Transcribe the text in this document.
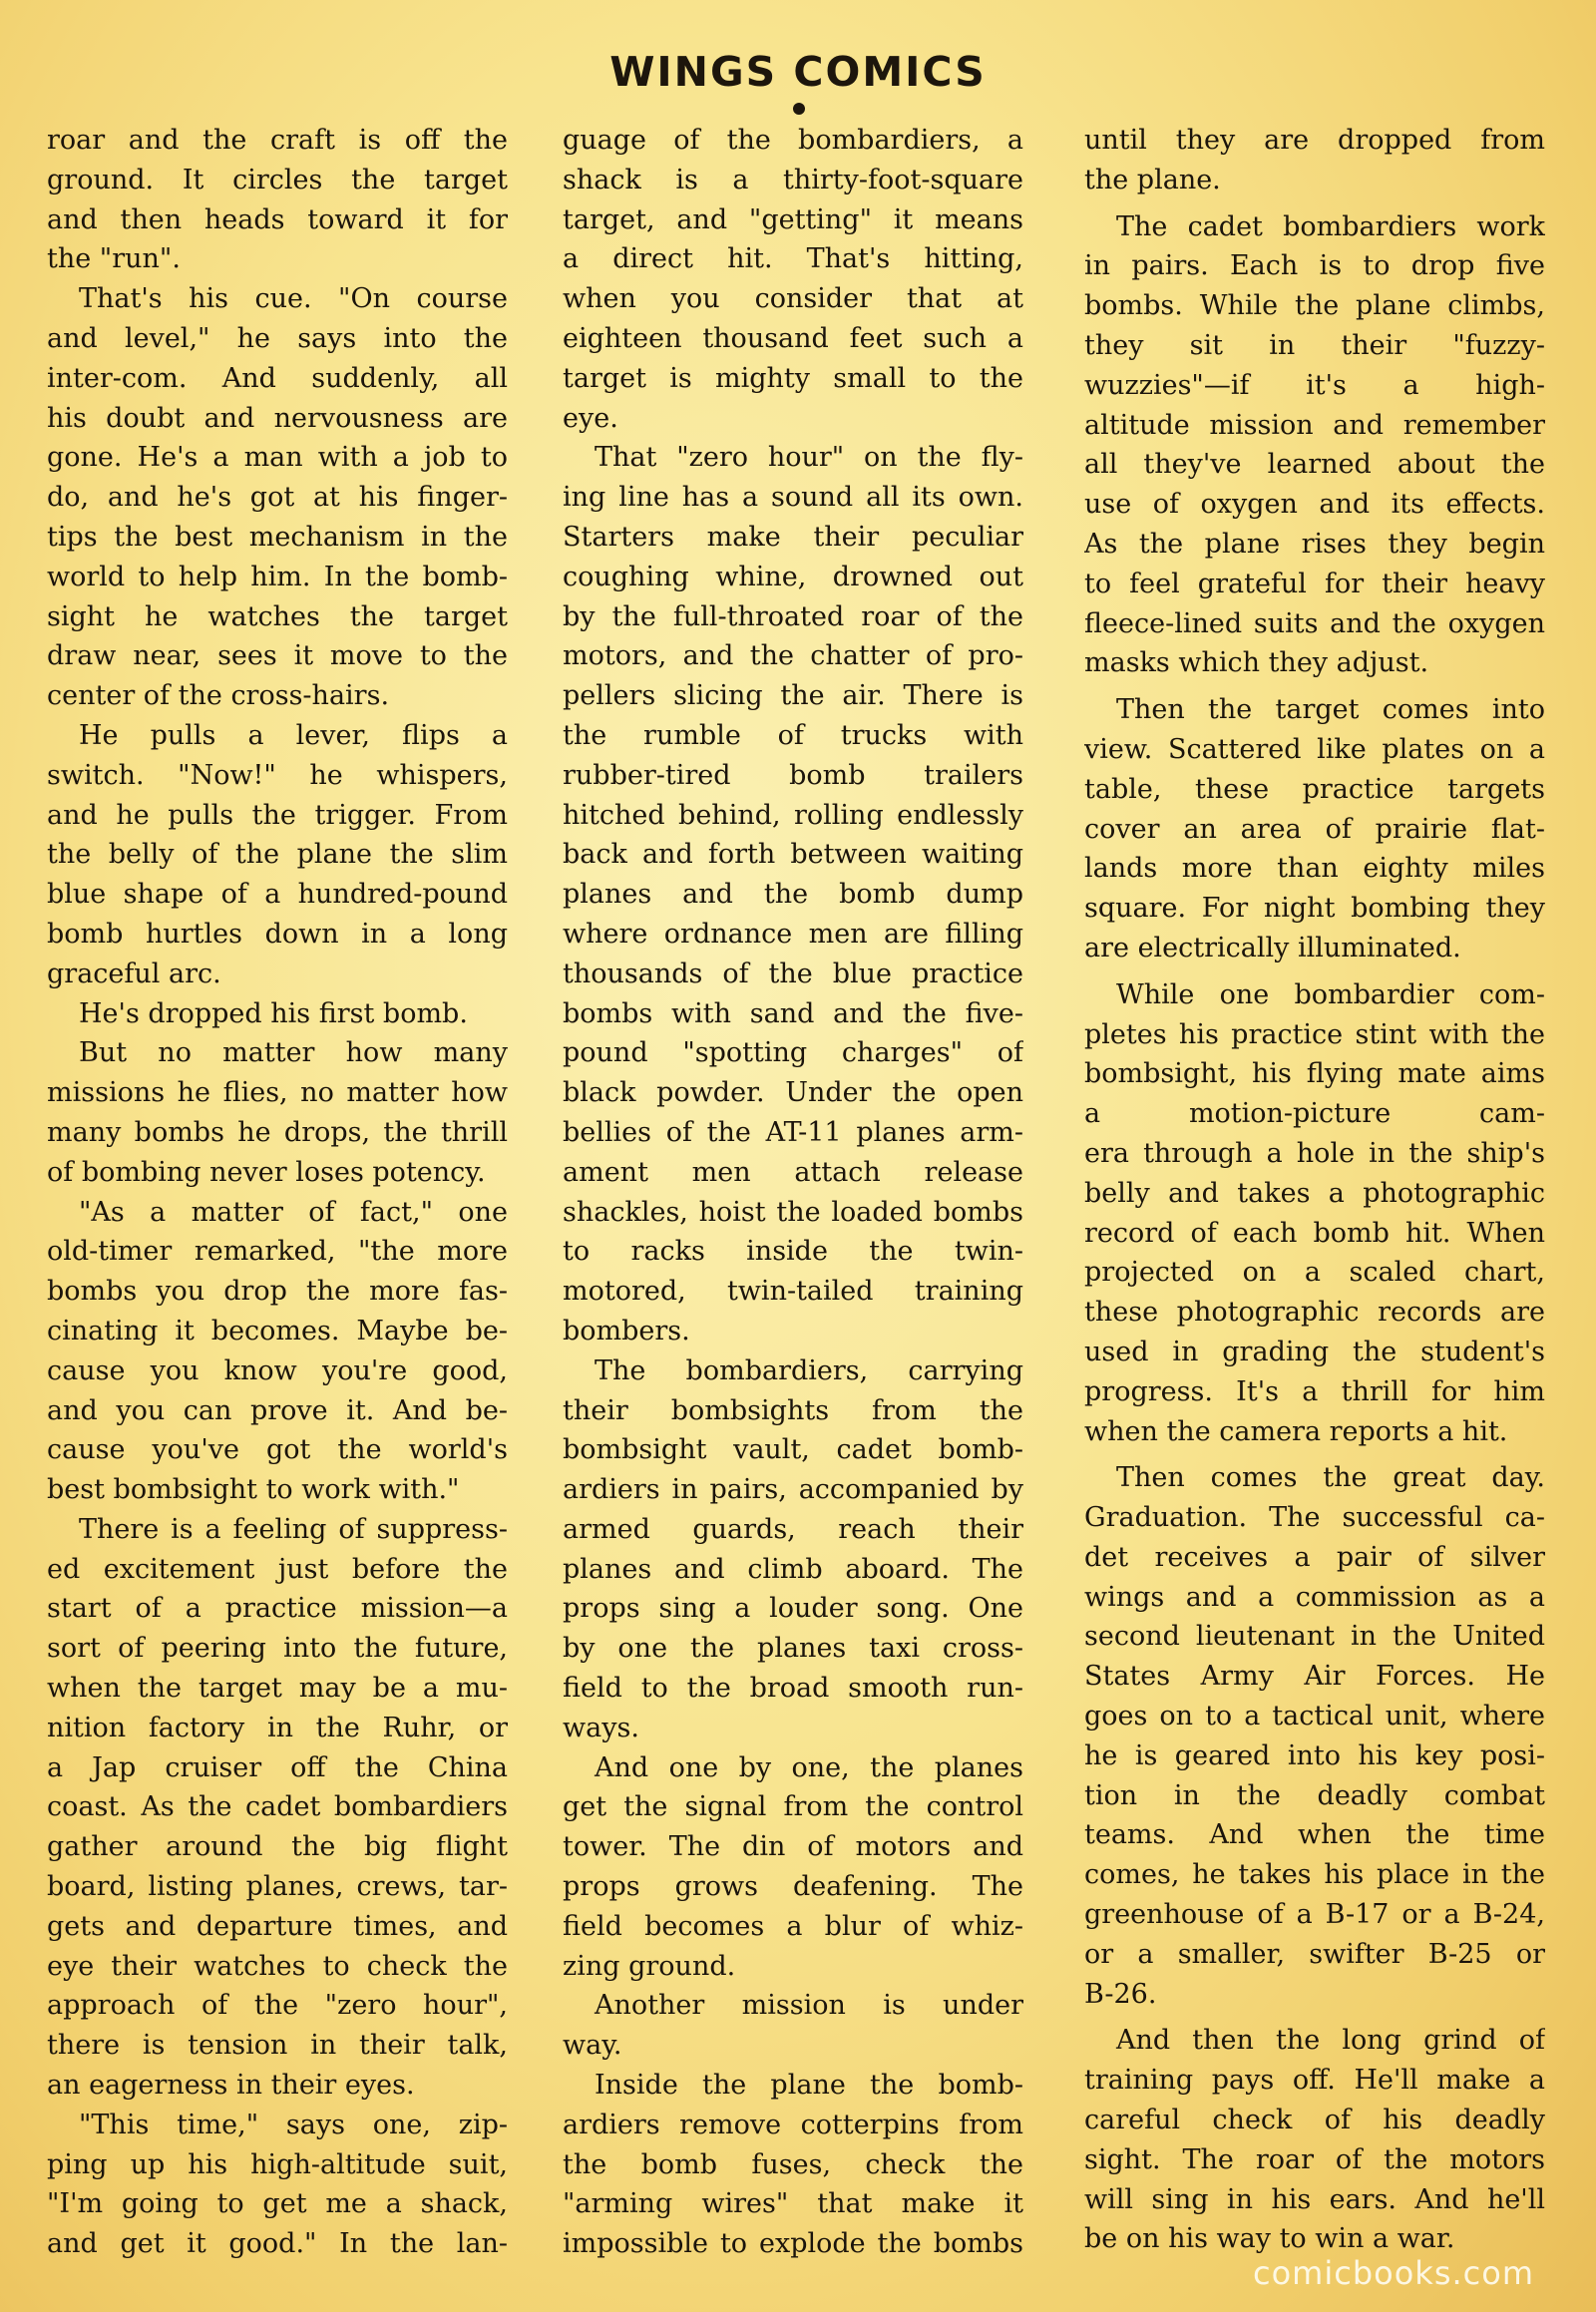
WINGS COMICS

roar and the craft is off the

ground. It circles the target

and then heads toward it for

the "run".

That's his cue. "On course

and level," he says into the

inter-com. And suddenly, all

his doubt and nervousness are

gone. He's a man with a job to

do, and he's got at his finger-

tips the best mechanism in the

world to help him. In the bomb-

sight he watches the target

draw near, sees it move to the

center of the cross-hairs.

He pulls a lever, flips a

switch. "Now!" he whispers,

and he pulls the trigger. From

the belly of the plane the slim

blue shape of a hundred-pound

bomb hurtles down in a long

graceful arc.

He's dropped his first bomb.

But no matter how many

missions he flies, no matter how

many bombs he drops, the thrill

of bombing never loses potency.

"As a matter of fact," one

old-timer remarked, "the more

bombs you drop the more fas-

cinating it becomes. Maybe be-

cause you know you're good,

and you can prove it. And be-

cause you've got the world's

best bombsight to work with."

There is a feeling of suppress-

ed excitement just before the

start of a practice mission—a

sort of peering into the future,

when the target may be a mu-

nition factory in the Ruhr, or

a Jap cruiser off the China

coast. As the cadet bombardiers

gather around the big flight

board, listing planes, crews, tar-

gets and departure times, and

eye their watches to check the

approach of the "zero hour",

there is tension in their talk,

an eagerness in their eyes.

"This time," says one, zip-

ping up his high-altitude suit,

"I'm going to get me a shack,

and get it good." In the lan-

guage of the bombardiers, a

shack is a thirty-foot-square

target, and "getting" it means

a direct hit. That's hitting,

when you consider that at

eighteen thousand feet such a

target is mighty small to the

eye.

That "zero hour" on the fly-

ing line has a sound all its own.

Starters make their peculiar

coughing whine, drowned out

by the full-throated roar of the

motors, and the chatter of pro-

pellers slicing the air. There is

the rumble of trucks with

rubber-tired bomb trailers

hitched behind, rolling endlessly

back and forth between waiting

planes and the bomb dump

where ordnance men are filling

thousands of the blue practice

bombs with sand and the five-

pound "spotting charges" of

black powder. Under the open

bellies of the AT-11 planes arm-

ament men attach release

shackles, hoist the loaded bombs

to racks inside the twin-

motored, twin-tailed training

bombers.

The bombardiers, carrying

their bombsights from the

bombsight vault, cadet bomb-

ardiers in pairs, accompanied by

armed guards, reach their

planes and climb aboard. The

props sing a louder song. One

by one the planes taxi cross-

field to the broad smooth run-

ways.

And one by one, the planes

get the signal from the control

tower. The din of motors and

props grows deafening. The

field becomes a blur of whiz-

zing ground.

Another mission is under

way.

Inside the plane the bomb-

ardiers remove cotterpins from

the bomb fuses, check the

"arming wires" that make it

impossible to explode the bombs

until they are dropped from

the plane.

The cadet bombardiers work

in pairs. Each is to drop five

bombs. While the plane climbs,

they sit in their "fuzzy-

wuzzies"—if it's a high-

altitude mission and remember

all they've learned about the

use of oxygen and its effects.

As the plane rises they begin

to feel grateful for their heavy

fleece-lined suits and the oxygen

masks which they adjust.

Then the target comes into

view. Scattered like plates on a

table, these practice targets

cover an area of prairie flat-

lands more than eighty miles

square. For night bombing they

are electrically illuminated.

While one bombardier com-

pletes his practice stint with the

bombsight, his flying mate aims

a motion-picture cam-

era through a hole in the ship's

belly and takes a photographic

record of each bomb hit. When

projected on a scaled chart,

these photographic records are

used in grading the student's

progress. It's a thrill for him

when the camera reports a hit.

Then comes the great day.

Graduation. The successful ca-

det receives a pair of silver

wings and a commission as a

second lieutenant in the United

States Army Air Forces. He

goes on to a tactical unit, where

he is geared into his key posi-

tion in the deadly combat

teams. And when the time

comes, he takes his place in the

greenhouse of a B-17 or a B-24,

or a smaller, swifter B-25 or

B-26.

And then the long grind of

training pays off. He'll make a

careful check of his deadly

sight. The roar of the motors

will sing in his ears. And he'll

be on his way to win a war.

comicbooks.com
